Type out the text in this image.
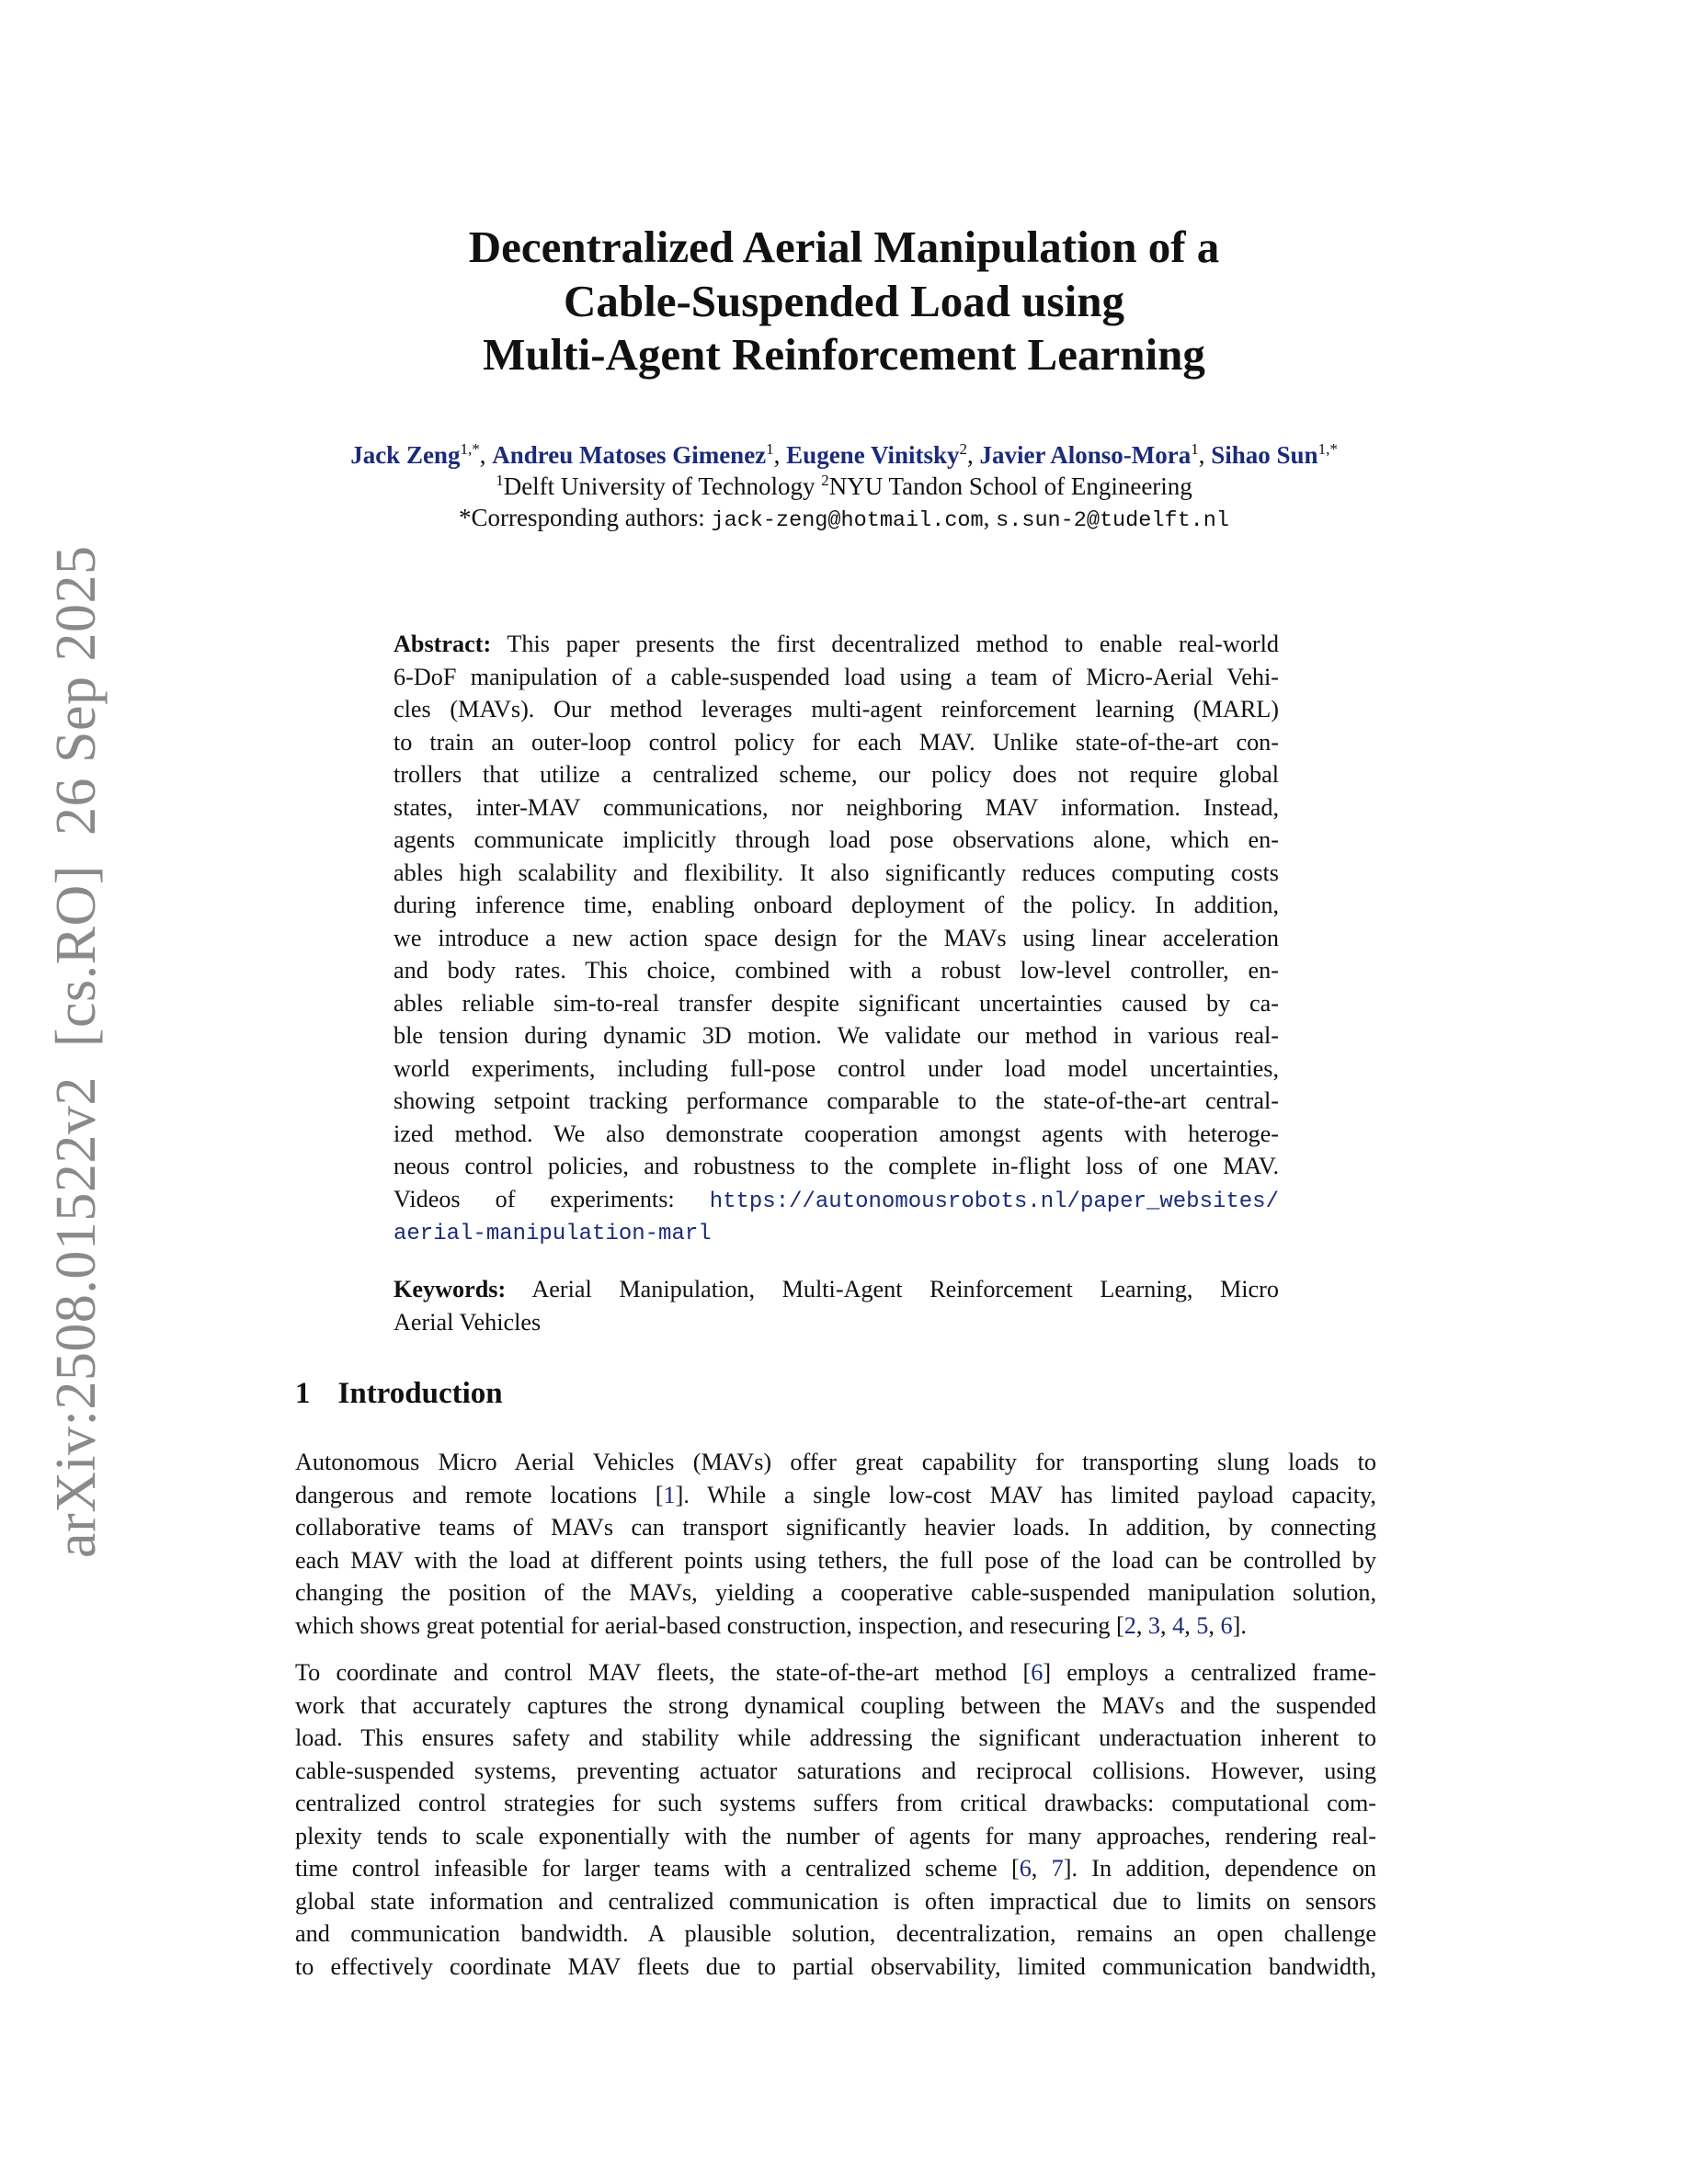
arXiv:2508.01522v2  [cs.RO]  26 Sep 2025
Decentralized Aerial Manipulation of a
Cable-Suspended Load using
Multi-Agent Reinforcement Learning
Jack Zeng$^{1,*}$, Andreu Matoses Gimenez$^1$, Eugene Vinitsky$^2$, Javier Alonso-Mora$^1$, Sihao Sun$^{1,*}$
$^1$Delft University of Technology $^2$NYU Tandon School of Engineering
*Corresponding authors: jack-zeng@hotmail.com, s.sun-2@tudelft.nl
Abstract: This paper presents the first decentralized method to enable real-world
6-DoF manipulation of a cable-suspended load using a team of Micro-Aerial Vehi-
cles (MAVs). Our method leverages multi-agent reinforcement learning (MARL)
to train an outer-loop control policy for each MAV. Unlike state-of-the-art con-
trollers that utilize a centralized scheme, our policy does not require global
states, inter-MAV communications, nor neighboring MAV information. Instead,
agents communicate implicitly through load pose observations alone, which en-
ables high scalability and flexibility. It also significantly reduces computing costs
during inference time, enabling onboard deployment of the policy. In addition,
we introduce a new action space design for the MAVs using linear acceleration
and body rates. This choice, combined with a robust low-level controller, en-
ables reliable sim-to-real transfer despite significant uncertainties caused by ca-
ble tension during dynamic 3D motion. We validate our method in various real-
world experiments, including full-pose control under load model uncertainties,
showing setpoint tracking performance comparable to the state-of-the-art central-
ized method. We also demonstrate cooperation amongst agents with heteroge-
neous control policies, and robustness to the complete in-flight loss of one MAV.
Videos of experiments: https://autonomousrobots.nl/paper_websites/
aerial-manipulation-marl
Keywords: Aerial Manipulation, Multi-Agent Reinforcement Learning, Micro
Aerial Vehicles
1 Introduction
Autonomous Micro Aerial Vehicles (MAVs) offer great capability for transporting slung loads to
dangerous and remote locations [1]. While a single low-cost MAV has limited payload capacity,
collaborative teams of MAVs can transport significantly heavier loads. In addition, by connecting
each MAV with the load at different points using tethers, the full pose of the load can be controlled by
changing the position of the MAVs, yielding a cooperative cable-suspended manipulation solution,
which shows great potential for aerial-based construction, inspection, and resecuring [2, 3, 4, 5, 6].
To coordinate and control MAV fleets, the state-of-the-art method [6] employs a centralized frame-
work that accurately captures the strong dynamical coupling between the MAVs and the suspended
load. This ensures safety and stability while addressing the significant underactuation inherent to
cable-suspended systems, preventing actuator saturations and reciprocal collisions. However, using
centralized control strategies for such systems suffers from critical drawbacks: computational com-
plexity tends to scale exponentially with the number of agents for many approaches, rendering real-
time control infeasible for larger teams with a centralized scheme [6, 7]. In addition, dependence on
global state information and centralized communication is often impractical due to limits on sensors
and communication bandwidth. A plausible solution, decentralization, remains an open challenge
to effectively coordinate MAV fleets due to partial observability, limited communication bandwidth,
